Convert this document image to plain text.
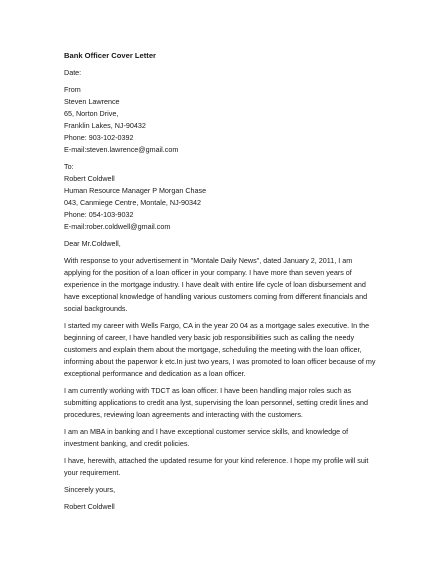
Bank Officer Cover Letter

Date:

From

Steven Lawrence

65, Norton Drive,

Franklin Lakes, NJ-90432

Phone: 903-102-0392

E-mail:steven.lawrence@gmail.com

To:

Robert Coldwell

Human Resource Manager P Morgan Chase

043, Canmiege Centre, Montale, NJ-90342

Phone: 054-103-9032

E-mail:rober.coldwell@gmail.com

Dear Mr.Coldwell,

With response to your advertisement in "Montale Daily News", dated January 2, 2011, I am

applying for the position of a loan officer in your company. I have more than seven years of

experience in the mortgage industry. I have dealt with entire life cycle of loan disbursement and

have exceptional knowledge of handling various customers coming from different financials and

social backgrounds.

I started my career with Wells Fargo, CA in the year 20 04 as a mortgage sales executive. In the

beginning of career, I have handled very basic job responsibilities such as calling the needy

customers and explain them about the mortgage, scheduling the meeting with the loan officer,

informing about the paperwor k etc.In just two years, I was promoted to loan officer because of my

exceptional performance and dedication as a loan officer.

I am currently working with TDCT as loan officer. I have been handling major roles such as

submitting applications to credit ana lyst, supervising the loan personnel, setting credit lines and

procedures, reviewing loan agreements and interacting with the customers.

I am an MBA in banking and I have exceptional customer service skills, and knowledge of

investment banking, and credit policies.

I have, herewith, attached the updated resume for your kind reference. I hope my profile will suit

your requirement.

Sincerely yours,

Robert Coldwell
